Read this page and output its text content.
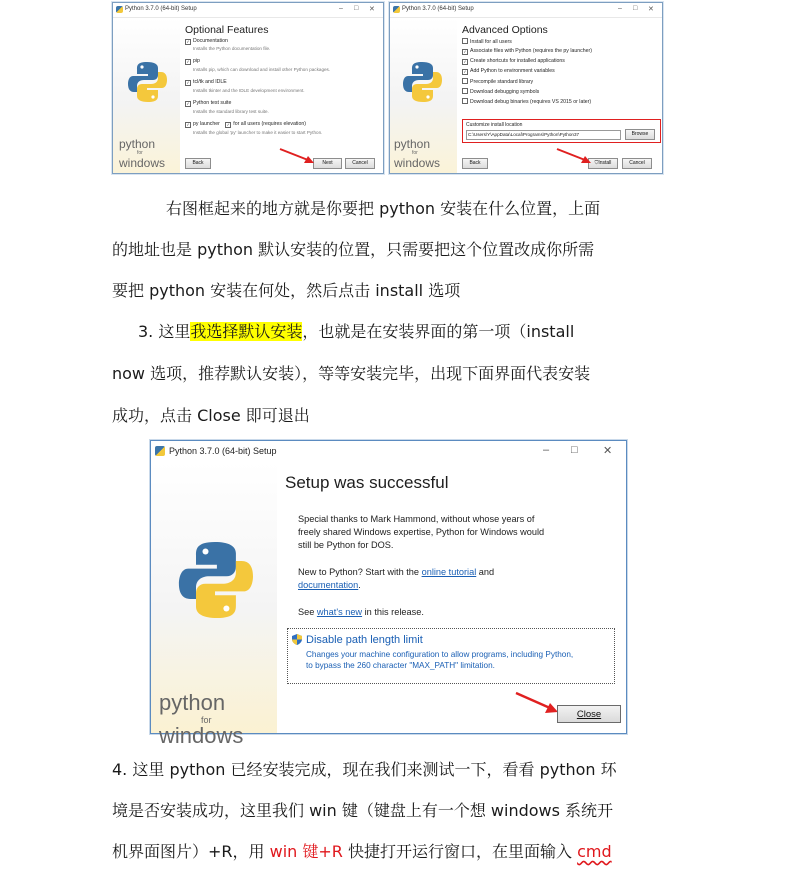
Python 3.7.0 (64-bit) Setup	– □ ✕
python
for
windows
Optional Features
✓ Documentation
Installs the Python documentation file.
✓ pip
Installs pip, which can download and install other Python packages.
✓ tcl/tk and IDLE
Installs tkinter and the IDLE development environment.
✓ Python test suite
Installs the standard library test suite.
✓ py launcher ✓ for all users (requires elevation)
Installs the global 'py' launcher to make it easier to start Python.
Back	Next	Cancel
Python 3.7.0 (64-bit) Setup	– □ ✕
python
for
windows
Advanced Options
Install for all users
✓ Associate files with Python (requires the py launcher)
✓ Create shortcuts for installed applications
✓ Add Python to environment variables
Precompile standard library
Download debugging symbols
Download debug binaries (requires VS 2015 or later)
Customize install location
C:\Users\Y\AppData\Local\Programs\Python\Python37	Browse
Back	⛉Install	Cancel
右图框起来的地方就是你要把 python 安装在什么位置，上面
的地址也是 python 默认安装的位置，只需要把这个位置改成你所需
要把 python 安装在何处，然后点击 install 选项
3. 这里我选择默认安装，也就是在安装界面的第一项（install
now 选项，推荐默认安装），等等安装完毕，出现下面界面代表安装
成功，点击 Close 即可退出
Python 3.7.0 (64-bit) Setup	– □ ✕
python
for
windows
Setup was successful
Special thanks to Mark Hammond, without whose years of
freely shared Windows expertise, Python for Windows would
still be Python for DOS.
New to Python? Start with the online tutorial and
documentation.
See what's new in this release.
Disable path length limit
Changes your machine configuration to allow programs, including Python,
to bypass the 260 character "MAX_PATH" limitation.
Close
4. 这里 python 已经安装完成，现在我们来测试一下，看看 python 环
境是否安装成功，这里我们 win 键（键盘上有一个想 windows 系统开
机界面图片）+R，用 win 键+R 快捷打开运行窗口，在里面输入 cmd
